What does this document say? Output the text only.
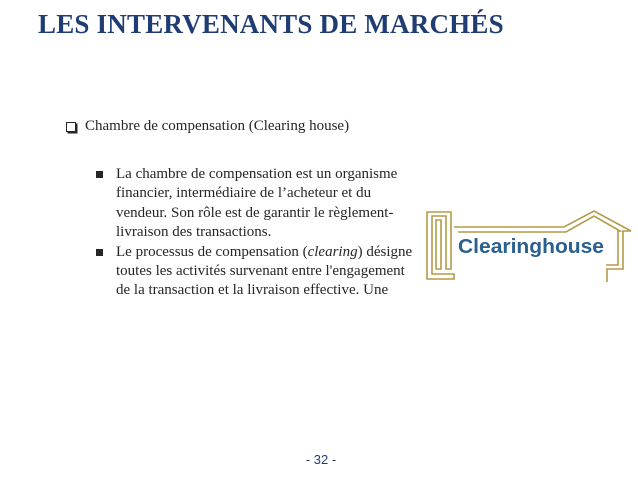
LES INTERVENANTS DE MARCHÉS
Chambre de compensation (Clearing house)
La chambre de compensation est un organisme financier, intermédiaire de l’acheteur et du vendeur. Son rôle est de garantir le règlement-livraison des transactions.
Le processus de compensation (clearing) désigne toutes les activités survenant entre l'engagement de la transaction et la livraison effective. Une
Clearinghouse
- 32 -
